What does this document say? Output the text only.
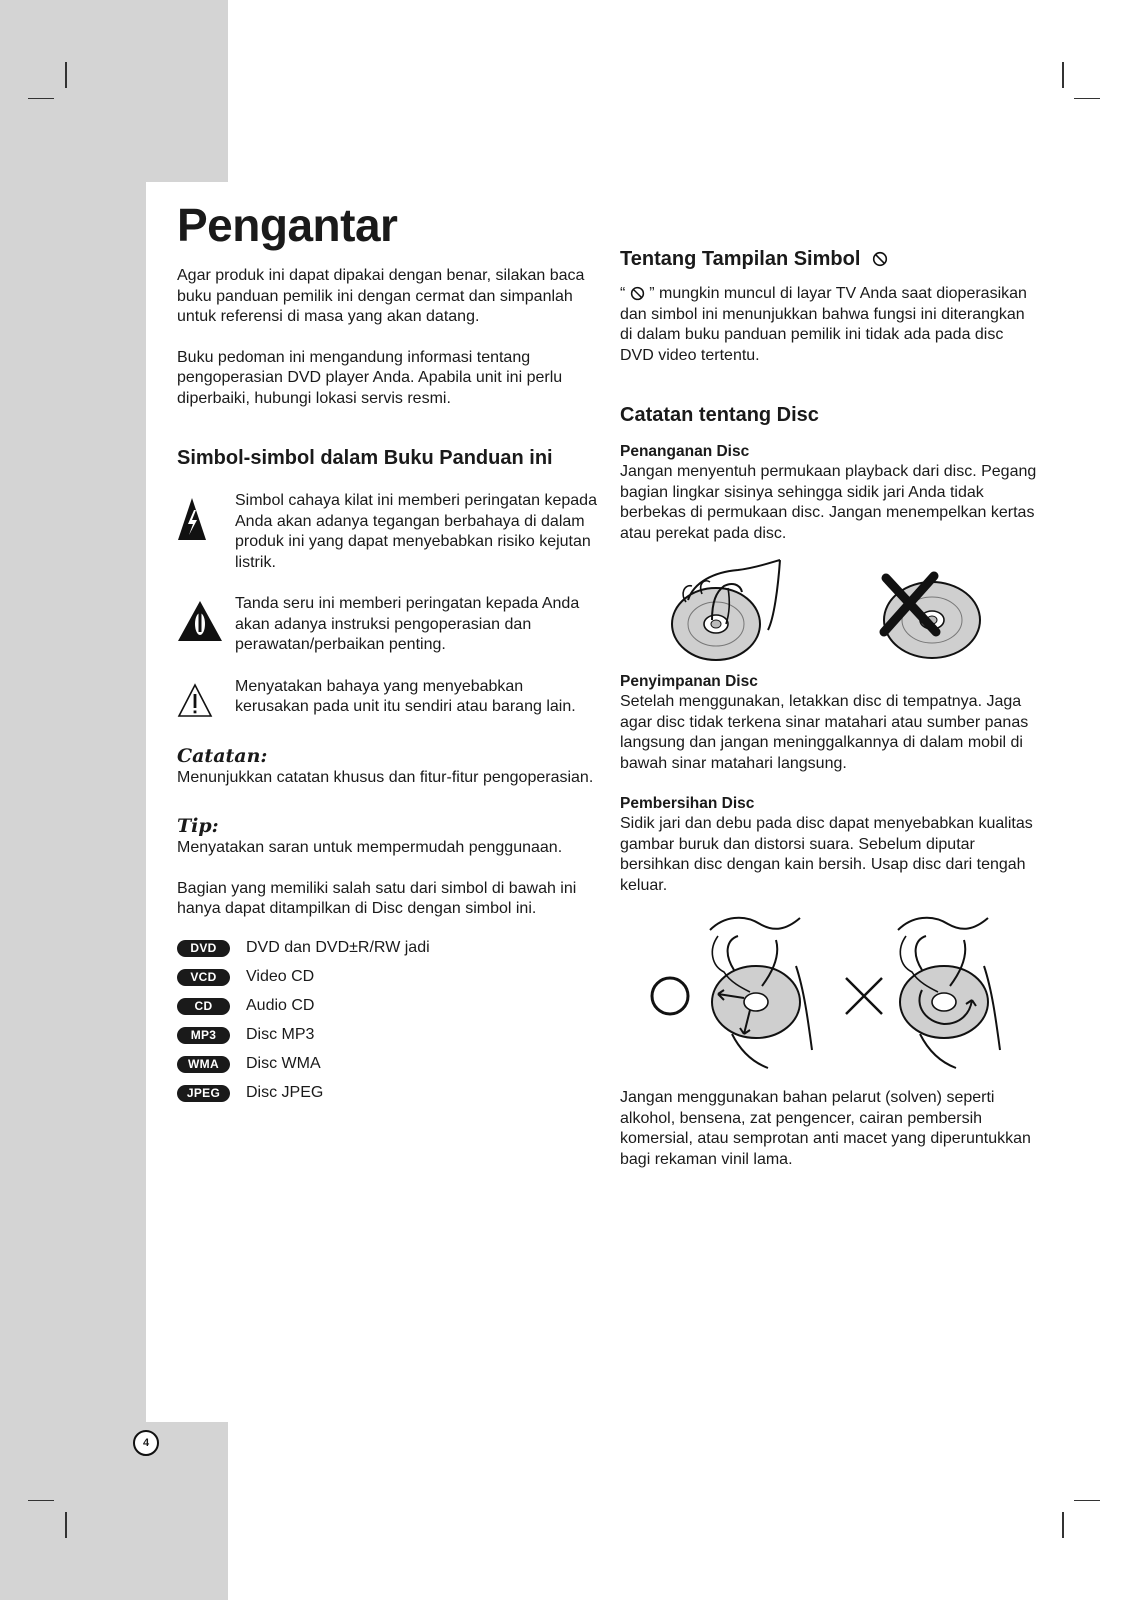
Pengantar

Agar produk ini dapat dipakai dengan benar, silakan baca buku panduan pemilik ini dengan cermat dan simpanlah untuk referensi di masa yang akan datang.

Buku pedoman ini mengandung informasi tentang pengoperasian DVD player Anda. Apabila unit ini perlu diperbaiki, hubungi lokasi servis resmi.

Simbol-simbol dalam Buku Panduan ini

Simbol cahaya kilat ini memberi peringatan kepada Anda akan adanya tegangan berbahaya di dalam produk ini yang dapat menyebabkan risiko kejutan listrik.

Tanda seru ini memberi peringatan kepada Anda akan adanya instruksi pengoperasian dan perawatan/perbaikan penting.

Menyatakan bahaya yang menyebabkan kerusakan pada unit itu sendiri atau barang lain.

Catatan:

Menunjukkan catatan khusus dan fitur-fitur pengoperasian.

Tip:

Menyatakan saran untuk mempermudah penggunaan.

Bagian yang memiliki salah satu dari simbol di bawah ini hanya dapat ditampilkan di Disc dengan simbol ini.

DVD	DVD dan DVD±R/RW jadi
VCD	Video CD
CD	Audio CD
MP3	Disc MP3
WMA	Disc WMA
JPEG	Disc JPEG
Tentang Tampilan Simbol

“ ” mungkin muncul di layar TV Anda saat dioperasikan dan simbol ini menunjukkan bahwa fungsi ini diterangkan di dalam buku panduan pemilik ini tidak ada pada disc DVD video tertentu.

Catatan tentang Disc
Penanganan Disc

Jangan menyentuh permukaan playback dari disc. Pegang bagian lingkar sisinya sehingga sidik jari Anda tidak berbekas di permukaan disc. Jangan menempelkan kertas atau perekat pada disc.

Penyimpanan Disc

Setelah menggunakan, letakkan disc di tempatnya. Jaga agar disc tidak terkena sinar matahari atau sumber panas langsung dan jangan meninggalkannya di dalam mobil di bawah sinar matahari langsung.

Pembersihan Disc

Sidik jari dan debu pada disc dapat menyebabkan kualitas gambar buruk dan distorsi suara. Sebelum diputar bersihkan disc dengan kain bersih. Usap disc dari tengah keluar.

Jangan menggunakan bahan pelarut (solven) seperti alkohol, bensena, zat pengencer, cairan pembersih komersial, atau semprotan anti macet yang diperuntukkan bagi rekaman vinil lama.

4
